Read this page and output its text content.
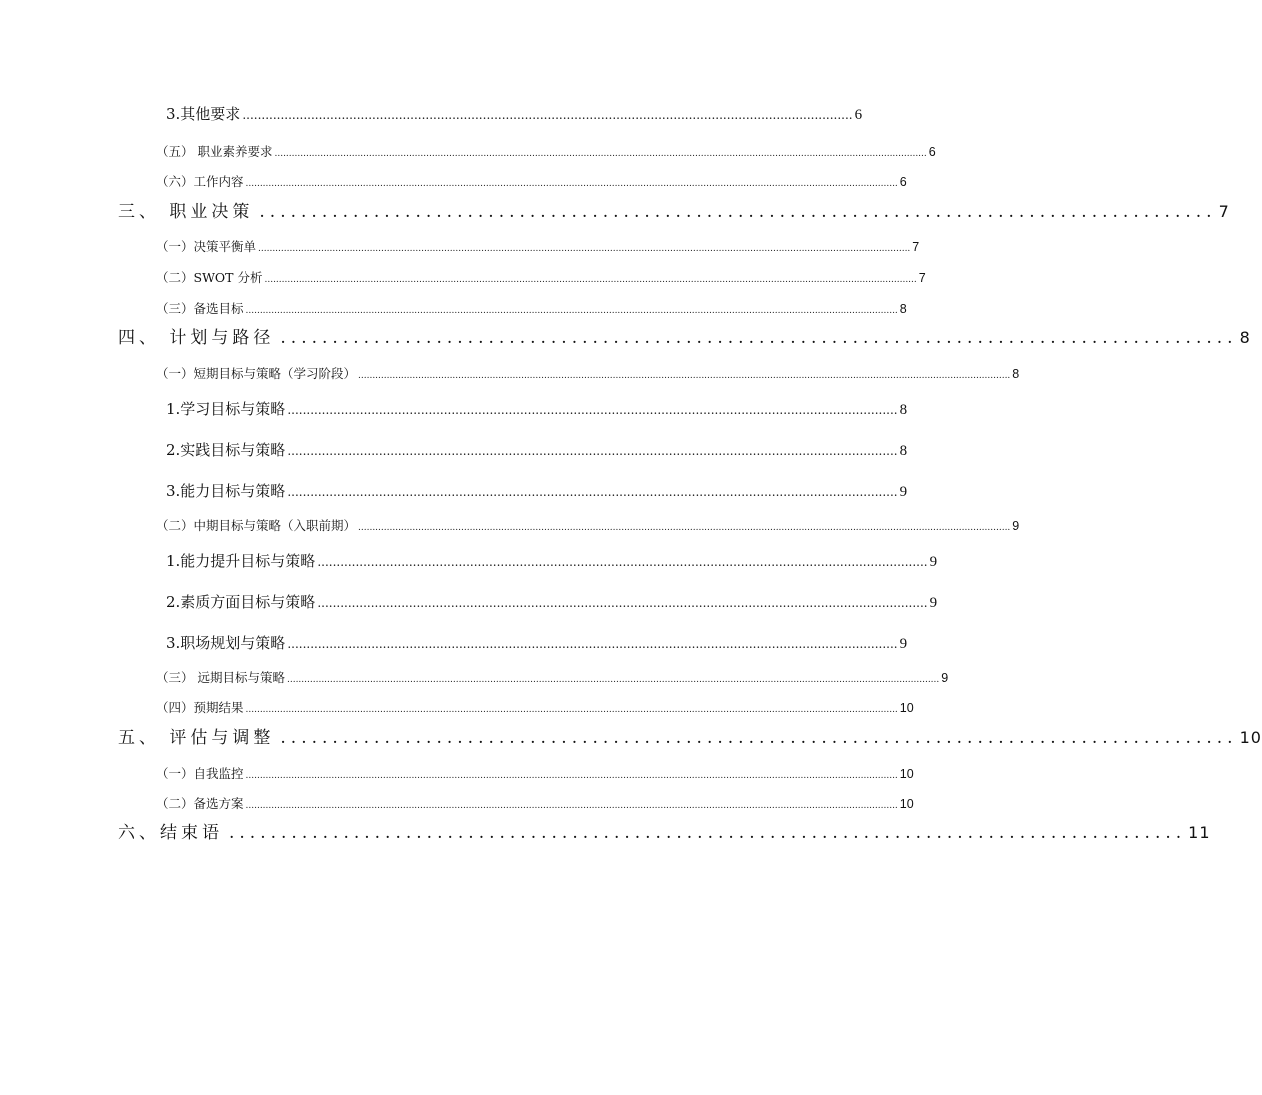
3.其他要求 ................................................................................................................................................................ 6
（五） 职业素养要求 .................................................................................................................................................................................................................................... 6
（六）工作内容 .................................................................................................................................................................................................................................... 6
三、 职业决策 ............................................................................................ 7
（一）决策平衡单 .................................................................................................................................................................................................................................... 7
（二）SWOT 分析 .................................................................................................................................................................................................................................... 7
（三）备选目标 .................................................................................................................................................................................................................................... 8
四、 计划与路径 ............................................................................................ 8
（一）短期目标与策略（学习阶段） .................................................................................................................................................................................................................................... 8
1.学习目标与策略 ................................................................................................................................................................ 8
2.实践目标与策略 ................................................................................................................................................................ 8
3.能力目标与策略 ................................................................................................................................................................ 9
（二）中期目标与策略（入职前期） .................................................................................................................................................................................................................................... 9
1.能力提升目标与策略 ................................................................................................................................................................ 9
2.素质方面目标与策略 ................................................................................................................................................................ 9
3.职场规划与策略 ................................................................................................................................................................ 9
（三） 远期目标与策略 .................................................................................................................................................................................................................................... 9
（四）预期结果 .................................................................................................................................................................................................................................... 10
五、 评估与调整 ............................................................................................ 10
（一）自我监控 .................................................................................................................................................................................................................................... 10
（二）备选方案 .................................................................................................................................................................................................................................... 10
六、结束语 ............................................................................................ 11
